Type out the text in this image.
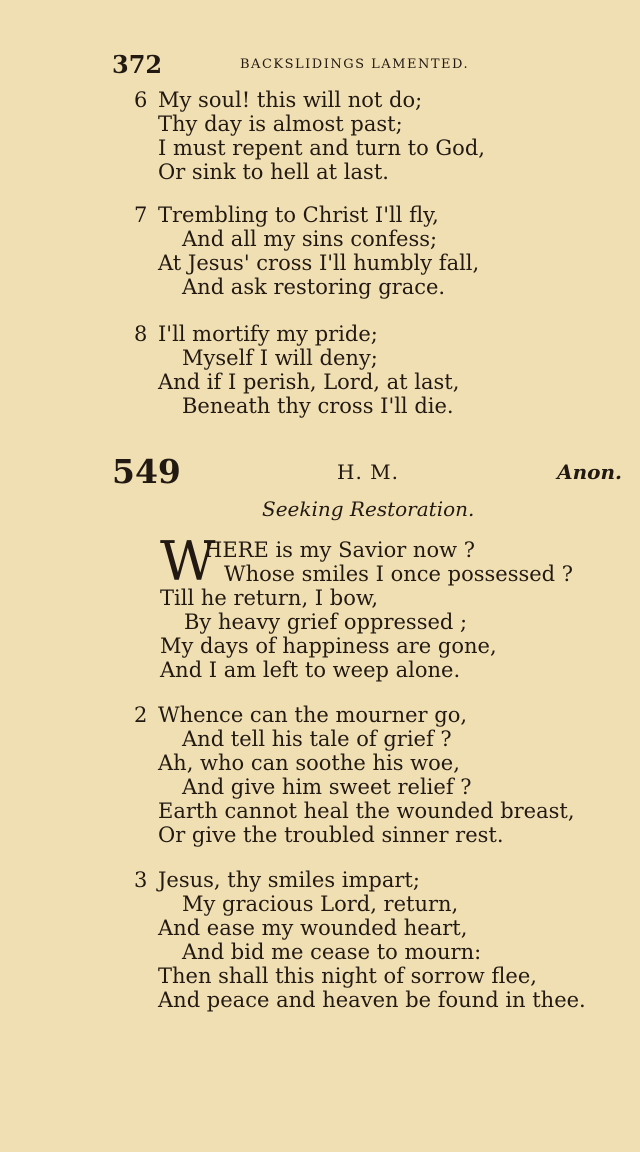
372	BACKSLIDINGS LAMENTED.
6 My soul! this will not do;
Thy day is almost past;
I must repent and turn to God,
Or sink to hell at last.
7 Trembling to Christ I'll fly,
And all my sins confess;
At Jesus' cross I'll humbly fall,
And ask restoring grace.
8 I'll mortify my pride;
Myself I will deny;
And if I perish, Lord, at last,
Beneath thy cross I'll die.
549	H. M.	Anon.
Seeking Restoration.
W
HERE is my Savior now ?
Whose smiles I once possessed ?
Till he return, I bow,
By heavy grief oppressed ;
My days of happiness are gone,
And I am left to weep alone.
2 Whence can the mourner go,
And tell his tale of grief ?
Ah, who can soothe his woe,
And give him sweet relief ?
Earth cannot heal the wounded breast,
Or give the troubled sinner rest.
3 Jesus, thy smiles impart;
My gracious Lord, return,
And ease my wounded heart,
And bid me cease to mourn:
Then shall this night of sorrow flee,
And peace and heaven be found in thee.
